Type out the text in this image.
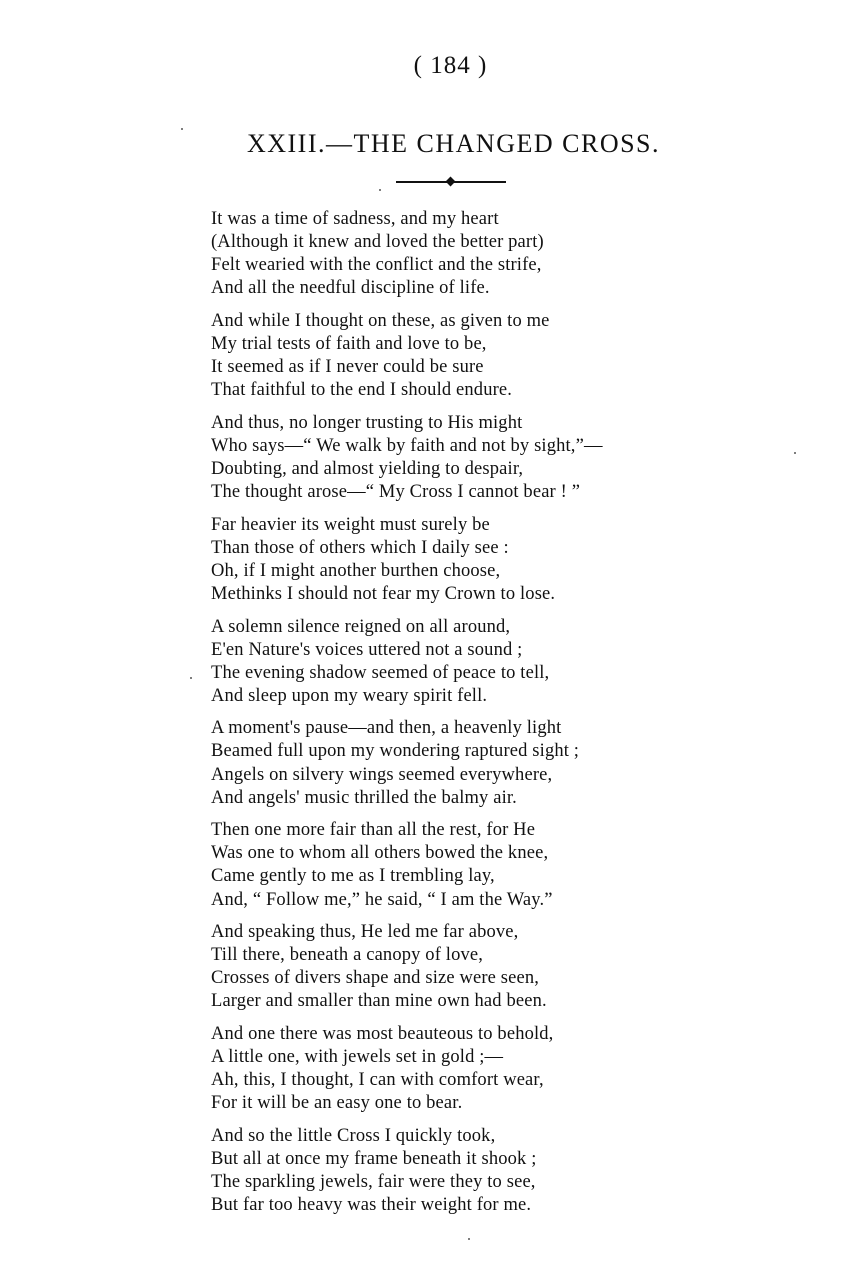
( 184 )
XXIII.—THE CHANGED CROSS.
It was a time of sadness, and my heart
(Although it knew and loved the better part)
Felt wearied with the conflict and the strife,
And all the needful discipline of life.
And while I thought on these, as given to me
My trial tests of faith and love to be,
It seemed as if I never could be sure
That faithful to the end I should endure.
And thus, no longer trusting to His might
Who says—“ We walk by faith and not by sight,”—
Doubting, and almost yielding to despair,
The thought arose—“ My Cross I cannot bear ! ”
Far heavier its weight must surely be
Than those of others which I daily see :
Oh, if I might another burthen choose,
Methinks I should not fear my Crown to lose.
A solemn silence reigned on all around,
E'en Nature's voices uttered not a sound ;
The evening shadow seemed of peace to tell,
And sleep upon my weary spirit fell.
A moment's pause—and then, a heavenly light
Beamed full upon my wondering raptured sight ;
Angels on silvery wings seemed everywhere,
And angels' music thrilled the balmy air.
Then one more fair than all the rest, for He
Was one to whom all others bowed the knee,
Came gently to me as I trembling lay,
And, “ Follow me,” he said, “ I am the Way.”
And speaking thus, He led me far above,
Till there, beneath a canopy of love,
Crosses of divers shape and size were seen,
Larger and smaller than mine own had been.
And one there was most beauteous to behold,
A little one, with jewels set in gold ;—
Ah, this, I thought, I can with comfort wear,
For it will be an easy one to bear.
And so the little Cross I quickly took,
But all at once my frame beneath it shook ;
The sparkling jewels, fair were they to see,
But far too heavy was their weight for me.
